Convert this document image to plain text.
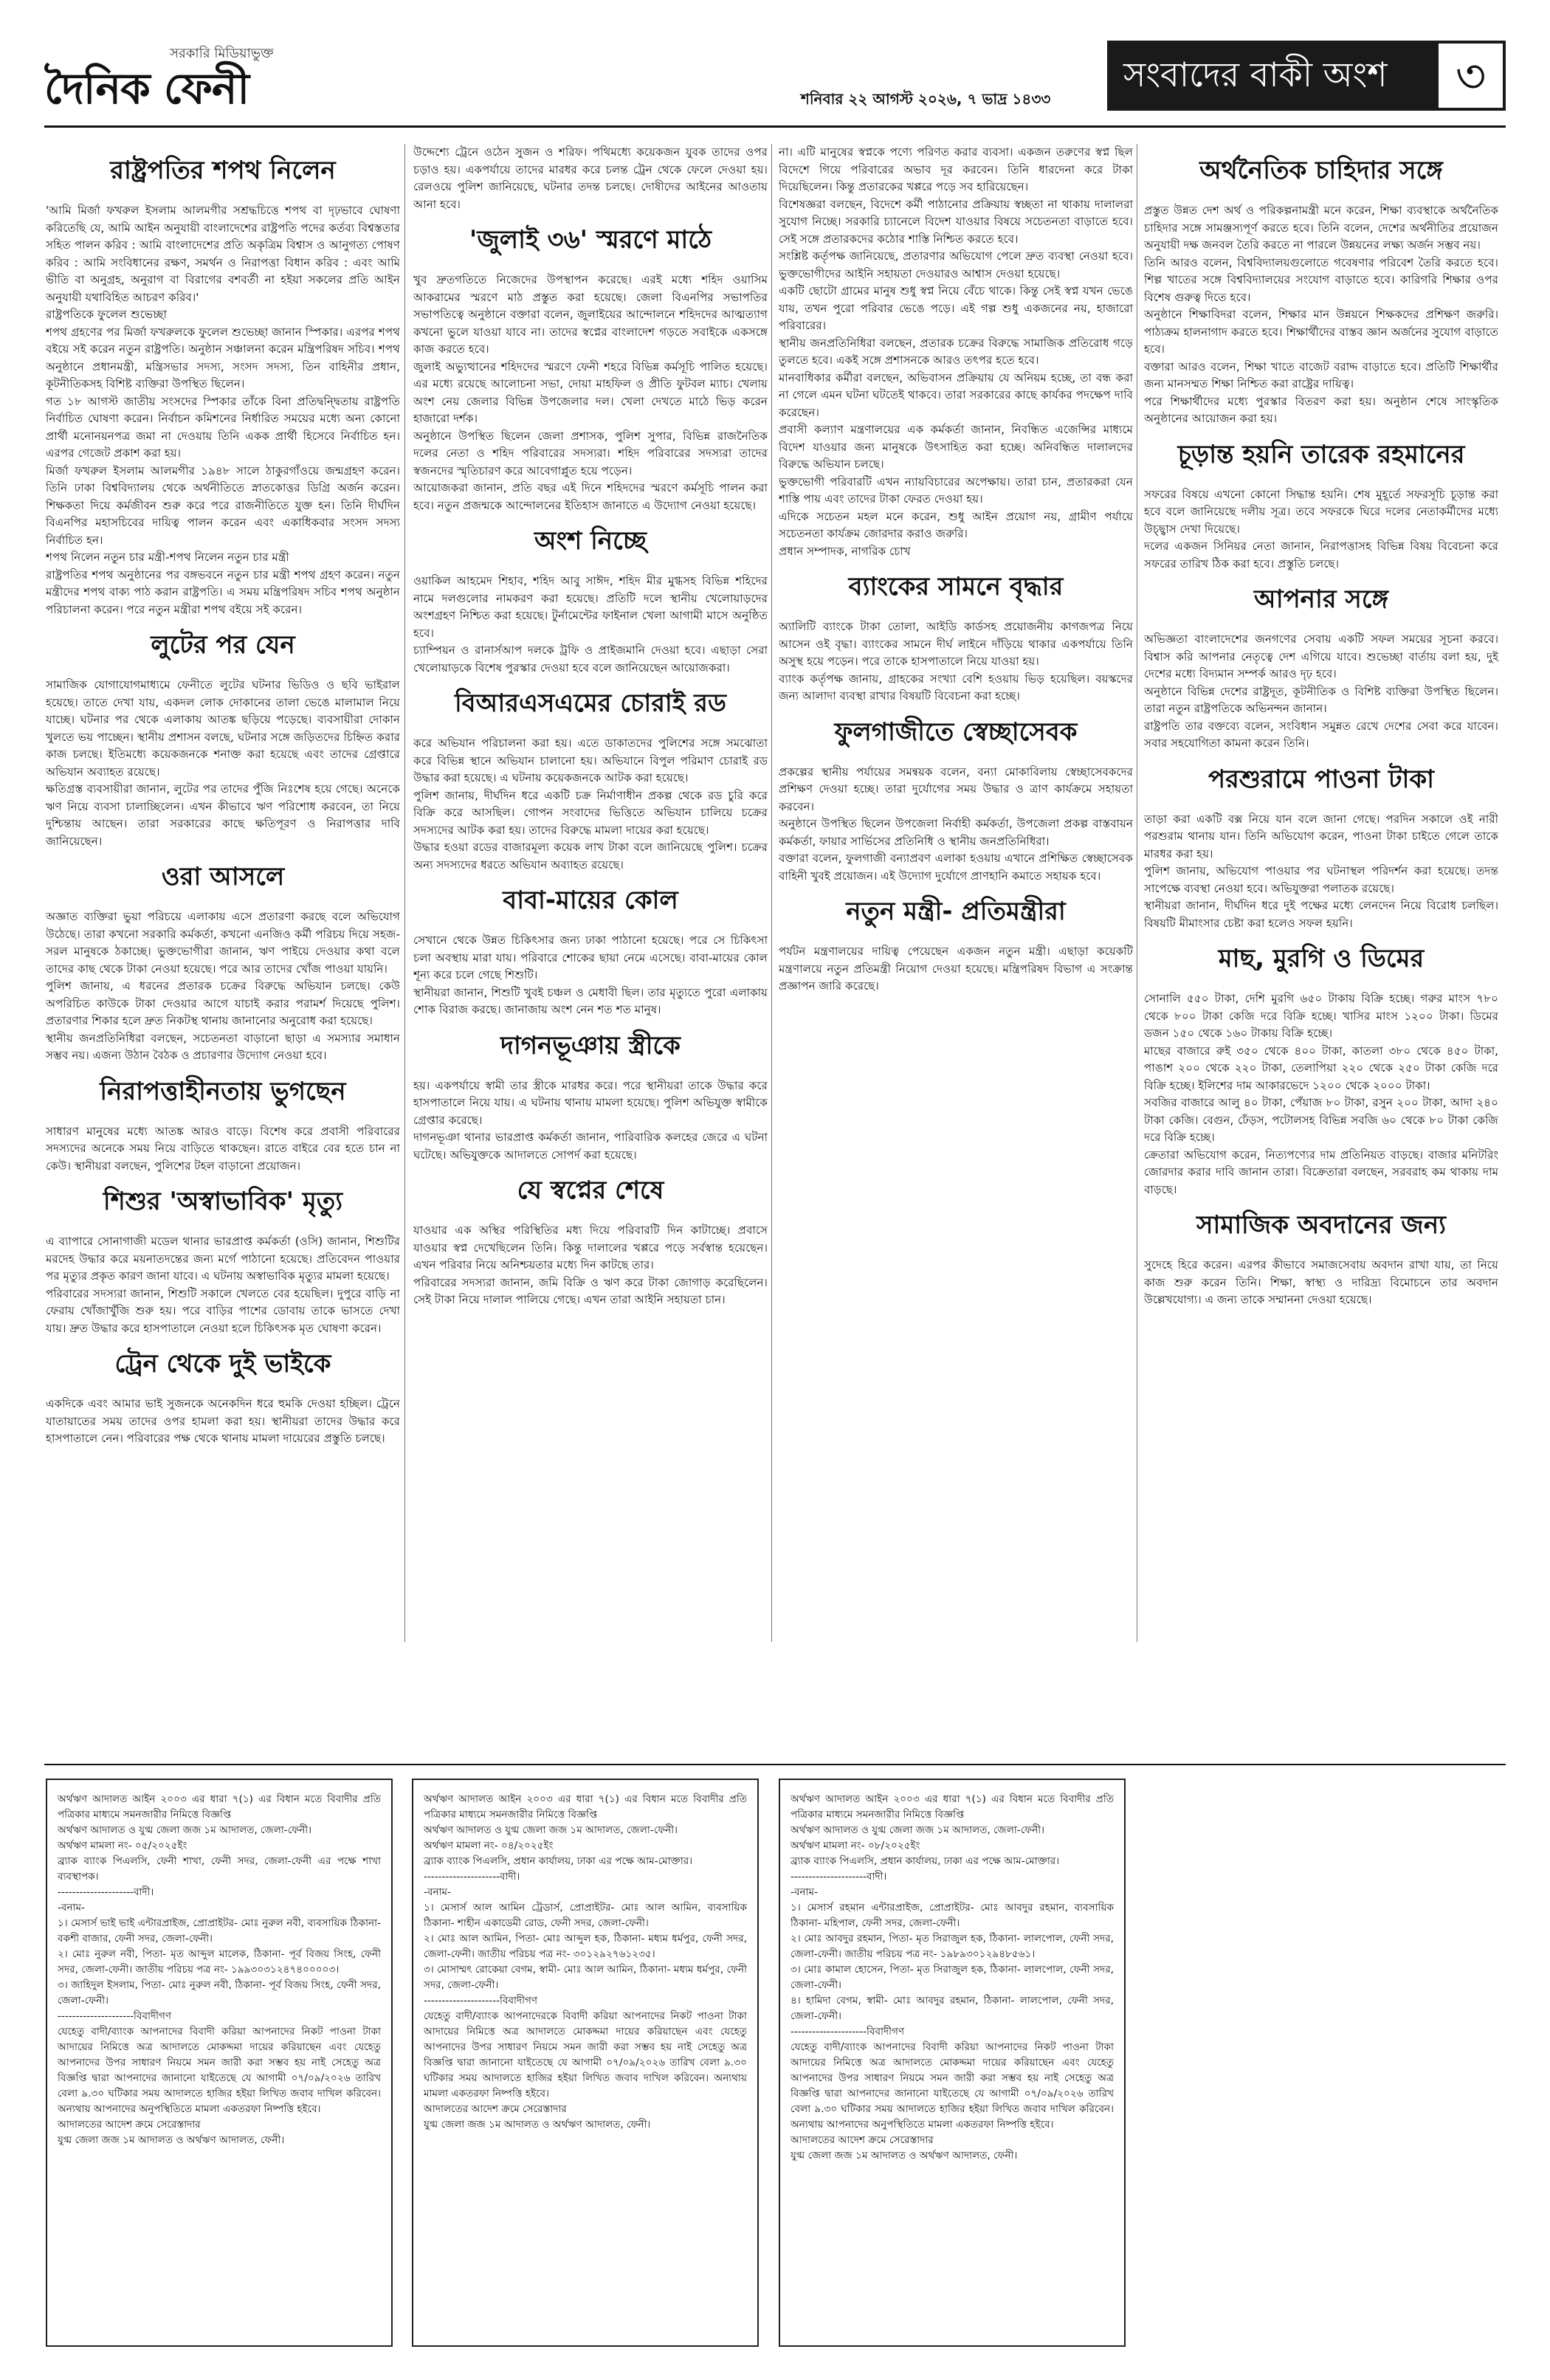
সরকারি মিডিয়াভুক্ত
দৈনিক ফেনী	শনিবার ২২ আগস্ট ২০২৬, ৭ ভাদ্র ১৪৩৩
সংবাদের বাকী অংশ	৩
রাষ্ট্রপতির শপথ নিলেন

'আমি মির্জা ফখরুল ইসলাম আলমগীর সশ্রদ্ধচিত্তে শপথ বা দৃঢ়ভাবে ঘোষণা করিতেছি যে, আমি আইন অনুযায়ী বাংলাদেশের রাষ্ট্রপতি পদের কর্তব্য বিশ্বস্ততার সহিত পালন করিব : আমি বাংলাদেশের প্রতি অকৃত্রিম বিশ্বাস ও আনুগত্য পোষণ করিব : আমি সংবিধানের রক্ষণ, সমর্থন ও নিরাপত্তা বিধান করিব : এবং আমি ভীতি বা অনুগ্রহ, অনুরাগ বা বিরাগের বশবর্তী না হইয়া সকলের প্রতি আইন অনুযায়ী যথাবিহিত আচরণ করিব।'
রাষ্ট্রপতিকে ফুলেল শুভেচ্ছা
শপথ গ্রহণের পর মির্জা ফখরুলকে ফুলেল শুভেচ্ছা জানান স্পিকার। এরপর শপথ বইয়ে সই করেন নতুন রাষ্ট্রপতি। অনুষ্ঠান সঞ্চালনা করেন মন্ত্রিপরিষদ সচিব। শপথ অনুষ্ঠানে প্রধানমন্ত্রী, মন্ত্রিসভার সদস্য, সংসদ সদস্য, তিন বাহিনীর প্রধান, কূটনীতিকসহ বিশিষ্ট ব্যক্তিরা উপস্থিত ছিলেন।
গত ১৮ আগস্ট জাতীয় সংসদের স্পিকার তাঁকে বিনা প্রতিদ্বন্দ্বিতায় রাষ্ট্রপতি নির্বাচিত ঘোষণা করেন। নির্বাচন কমিশনের নির্ধারিত সময়ের মধ্যে অন্য কোনো প্রার্থী মনোনয়নপত্র জমা না দেওয়ায় তিনি একক প্রার্থী হিসেবে নির্বাচিত হন। এরপর গেজেট প্রকাশ করা হয়।
মির্জা ফখরুল ইসলাম আলমগীর ১৯৪৮ সালে ঠাকুরগাঁওয়ে জন্মগ্রহণ করেন। তিনি ঢাকা বিশ্ববিদ্যালয় থেকে অর্থনীতিতে স্নাতকোত্তর ডিগ্রি অর্জন করেন। শিক্ষকতা দিয়ে কর্মজীবন শুরু করে পরে রাজনীতিতে যুক্ত হন। তিনি দীর্ঘদিন বিএনপির মহাসচিবের দায়িত্ব পালন করেন এবং একাধিকবার সংসদ সদস্য নির্বাচিত হন।
শপথ নিলেন নতুন চার মন্ত্রী-শপথ নিলেন নতুন চার মন্ত্রী
রাষ্ট্রপতির শপথ অনুষ্ঠানের পর বঙ্গভবনে নতুন চার মন্ত্রী শপথ গ্রহণ করেন। নতুন মন্ত্রীদের শপথ বাক্য পাঠ করান রাষ্ট্রপতি। এ সময় মন্ত্রিপরিষদ সচিব শপথ অনুষ্ঠান পরিচালনা করেন। পরে নতুন মন্ত্রীরা শপথ বইয়ে সই করেন।

লুটের পর যেন

সামাজিক যোগাযোগমাধ্যমে ফেনীতে লুটের ঘটনার ভিডিও ও ছবি ভাইরাল হয়েছে। তাতে দেখা যায়, একদল লোক দোকানের তালা ভেঙে মালামাল নিয়ে যাচ্ছে। ঘটনার পর থেকে এলাকায় আতঙ্ক ছড়িয়ে পড়েছে। ব্যবসায়ীরা দোকান খুলতে ভয় পাচ্ছেন। স্থানীয় প্রশাসন বলছে, ঘটনার সঙ্গে জড়িতদের চিহ্নিত করার কাজ চলছে। ইতিমধ্যে কয়েকজনকে শনাক্ত করা হয়েছে এবং তাদের গ্রেপ্তারে অভিযান অব্যাহত রয়েছে।
ক্ষতিগ্রস্ত ব্যবসায়ীরা জানান, লুটের পর তাদের পুঁজি নিঃশেষ হয়ে গেছে। অনেকে ঋণ নিয়ে ব্যবসা চালাচ্ছিলেন। এখন কীভাবে ঋণ পরিশোধ করবেন, তা নিয়ে দুশ্চিন্তায় আছেন। তারা সরকারের কাছে ক্ষতিপূরণ ও নিরাপত্তার দাবি জানিয়েছেন।

ওরা আসলে

অজ্ঞাত ব্যক্তিরা ভুয়া পরিচয়ে এলাকায় এসে প্রতারণা করছে বলে অভিযোগ উঠেছে। তারা কখনো সরকারি কর্মকর্তা, কখনো এনজিও কর্মী পরিচয় দিয়ে সহজ-সরল মানুষকে ঠকাচ্ছে। ভুক্তভোগীরা জানান, ঋণ পাইয়ে দেওয়ার কথা বলে তাদের কাছ থেকে টাকা নেওয়া হয়েছে। পরে আর তাদের খোঁজ পাওয়া যায়নি।
পুলিশ জানায়, এ ধরনের প্রতারক চক্রের বিরুদ্ধে অভিযান চলছে। কেউ অপরিচিত কাউকে টাকা দেওয়ার আগে যাচাই করার পরামর্শ দিয়েছে পুলিশ। প্রতারণার শিকার হলে দ্রুত নিকটস্থ থানায় জানানোর অনুরোধ করা হয়েছে।
স্থানীয় জনপ্রতিনিধিরা বলছেন, সচেতনতা বাড়ানো ছাড়া এ সমস্যার সমাধান সম্ভব নয়। এজন্য উঠান বৈঠক ও প্রচারণার উদ্যোগ নেওয়া হবে।

নিরাপত্তাহীনতায় ভুগছেন

সাধারণ মানুষের মধ্যে আতঙ্ক আরও বাড়ে। বিশেষ করে প্রবাসী পরিবারের সদস্যদের অনেকে সময় নিয়ে বাড়িতে থাকছেন। রাতে বাইরে বের হতে চান না কেউ। স্থানীয়রা বলছেন, পুলিশের টহল বাড়ানো প্রয়োজন।

শিশুর 'অস্বাভাবিক' মৃত্যু

এ ব্যাপারে সোনাগাজী মডেল থানার ভারপ্রাপ্ত কর্মকর্তা (ওসি) জানান, শিশুটির মরদেহ উদ্ধার করে ময়নাতদন্তের জন্য মর্গে পাঠানো হয়েছে। প্রতিবেদন পাওয়ার পর মৃত্যুর প্রকৃত কারণ জানা যাবে। এ ঘটনায় অস্বাভাবিক মৃত্যুর মামলা হয়েছে।
পরিবারের সদস্যরা জানান, শিশুটি সকালে খেলতে বের হয়েছিল। দুপুরে বাড়ি না ফেরায় খোঁজাখুঁজি শুরু হয়। পরে বাড়ির পাশের ডোবায় তাকে ভাসতে দেখা যায়। দ্রুত উদ্ধার করে হাসপাতালে নেওয়া হলে চিকিৎসক মৃত ঘোষণা করেন।

ট্রেন থেকে দুই ভাইকে

একদিকে এবং আমার ভাই সুজনকে অনেকদিন ধরে হুমকি দেওয়া হচ্ছিল। ট্রেনে যাতায়াতের সময় তাদের ওপর হামলা করা হয়। স্থানীয়রা তাদের উদ্ধার করে হাসপাতালে নেন। পরিবারের পক্ষ থেকে থানায় মামলা দায়েরের প্রস্তুতি চলছে।

উদ্দেশ্যে ট্রেনে ওঠেন সুজন ও শরিফ। পথিমধ্যে কয়েকজন যুবক তাদের ওপর চড়াও হয়। একপর্যায়ে তাদের মারধর করে চলন্ত ট্রেন থেকে ফেলে দেওয়া হয়। রেলওয়ে পুলিশ জানিয়েছে, ঘটনার তদন্ত চলছে। দোষীদের আইনের আওতায় আনা হবে।

'জুলাই ৩৬' স্মরণে মাঠে

খুব দ্রুতগতিতে নিজেদের উপস্থাপন করেছে। এরই মধ্যে শহিদ ওয়াসিম আকরামের স্মরণে মাঠ প্রস্তুত করা হয়েছে। জেলা বিএনপির সভাপতির সভাপতিত্বে অনুষ্ঠানে বক্তারা বলেন, জুলাইয়ের আন্দোলনে শহিদদের আত্মত্যাগ কখনো ভুলে যাওয়া যাবে না। তাদের স্বপ্নের বাংলাদেশ গড়তে সবাইকে একসঙ্গে কাজ করতে হবে।
জুলাই অভ্যুত্থানের শহিদদের স্মরণে ফেনী শহরে বিভিন্ন কর্মসূচি পালিত হয়েছে। এর মধ্যে রয়েছে আলোচনা সভা, দোয়া মাহফিল ও প্রীতি ফুটবল ম্যাচ। খেলায় অংশ নেয় জেলার বিভিন্ন উপজেলার দল। খেলা দেখতে মাঠে ভিড় করেন হাজারো দর্শক।
অনুষ্ঠানে উপস্থিত ছিলেন জেলা প্রশাসক, পুলিশ সুপার, বিভিন্ন রাজনৈতিক দলের নেতা ও শহিদ পরিবারের সদস্যরা। শহিদ পরিবারের সদস্যরা তাদের স্বজনদের স্মৃতিচারণ করে আবেগাপ্লুত হয়ে পড়েন।
আয়োজকরা জানান, প্রতি বছর এই দিনে শহিদদের স্মরণে কর্মসূচি পালন করা হবে। নতুন প্রজন্মকে আন্দোলনের ইতিহাস জানাতে এ উদ্যোগ নেওয়া হয়েছে।

অংশ নিচ্ছে

ওয়াকিল আহমেদ শিহাব, শহিদ আবু সাঈদ, শহিদ মীর মুগ্ধসহ বিভিন্ন শহিদের নামে দলগুলোর নামকরণ করা হয়েছে। প্রতিটি দলে স্থানীয় খেলোয়াড়দের অংশগ্রহণ নিশ্চিত করা হয়েছে। টুর্নামেন্টের ফাইনাল খেলা আগামী মাসে অনুষ্ঠিত হবে।
চ্যাম্পিয়ন ও রানার্সআপ দলকে ট্রফি ও প্রাইজমানি দেওয়া হবে। এছাড়া সেরা খেলোয়াড়কে বিশেষ পুরস্কার দেওয়া হবে বলে জানিয়েছেন আয়োজকরা।

বিআরএসএমের চোরাই রড

করে অভিযান পরিচালনা করা হয়। এতে ডাকাতদের পুলিশের সঙ্গে সমঝোতা করে বিভিন্ন স্থানে অভিযান চালানো হয়। অভিযানে বিপুল পরিমাণ চোরাই রড উদ্ধার করা হয়েছে। এ ঘটনায় কয়েকজনকে আটক করা হয়েছে।
পুলিশ জানায়, দীর্ঘদিন ধরে একটি চক্র নির্মাণাধীন প্রকল্প থেকে রড চুরি করে বিক্রি করে আসছিল। গোপন সংবাদের ভিত্তিতে অভিযান চালিয়ে চক্রের সদস্যদের আটক করা হয়। তাদের বিরুদ্ধে মামলা দায়ের করা হয়েছে।
উদ্ধার হওয়া রডের বাজারমূল্য কয়েক লাখ টাকা বলে জানিয়েছে পুলিশ। চক্রের অন্য সদস্যদের ধরতে অভিযান অব্যাহত রয়েছে।

বাবা-মায়ের কোল

সেখানে থেকে উন্নত চিকিৎসার জন্য ঢাকা পাঠানো হয়েছে। পরে সে চিকিৎসা চলা অবস্থায় মারা যায়। পরিবারে শোকের ছায়া নেমে এসেছে। বাবা-মায়ের কোল শূন্য করে চলে গেছে শিশুটি।
স্থানীয়রা জানান, শিশুটি খুবই চঞ্চল ও মেধাবী ছিল। তার মৃত্যুতে পুরো এলাকায় শোক বিরাজ করছে। জানাজায় অংশ নেন শত শত মানুষ।

দাগনভূঞায় স্ত্রীকে

হয়। একপর্যায়ে স্বামী তার স্ত্রীকে মারধর করে। পরে স্থানীয়রা তাকে উদ্ধার করে হাসপাতালে নিয়ে যায়। এ ঘটনায় থানায় মামলা হয়েছে। পুলিশ অভিযুক্ত স্বামীকে গ্রেপ্তার করেছে।
দাগনভূঞা থানার ভারপ্রাপ্ত কর্মকর্তা জানান, পারিবারিক কলহের জেরে এ ঘটনা ঘটেছে। অভিযুক্তকে আদালতে সোপর্দ করা হয়েছে।

যে স্বপ্নের শেষে

যাওয়ার এক অস্থির পরিস্থিতির মধ্য দিয়ে পরিবারটি দিন কাটাচ্ছে। প্রবাসে যাওয়ার স্বপ্ন দেখেছিলেন তিনি। কিন্তু দালালের খপ্পরে পড়ে সর্বস্বান্ত হয়েছেন। এখন পরিবার নিয়ে অনিশ্চয়তার মধ্যে দিন কাটছে তার।
পরিবারের সদস্যরা জানান, জমি বিক্রি ও ঋণ করে টাকা জোগাড় করেছিলেন। সেই টাকা নিয়ে দালাল পালিয়ে গেছে। এখন তারা আইনি সহায়তা চান।

না। এটি মানুষের স্বপ্নকে পণ্যে পরিণত করার ব্যবসা। একজন তরুণের স্বপ্ন ছিল বিদেশে গিয়ে পরিবারের অভাব দূর করবেন। তিনি ধারদেনা করে টাকা দিয়েছিলেন। কিন্তু প্রতারকের খপ্পরে পড়ে সব হারিয়েছেন।
বিশেষজ্ঞরা বলছেন, বিদেশে কর্মী পাঠানোর প্রক্রিয়ায় স্বচ্ছতা না থাকায় দালালরা সুযোগ নিচ্ছে। সরকারি চ্যানেলে বিদেশ যাওয়ার বিষয়ে সচেতনতা বাড়াতে হবে। সেই সঙ্গে প্রতারকদের কঠোর শাস্তি নিশ্চিত করতে হবে।
সংশ্লিষ্ট কর্তৃপক্ষ জানিয়েছে, প্রতারণার অভিযোগ পেলে দ্রুত ব্যবস্থা নেওয়া হবে। ভুক্তভোগীদের আইনি সহায়তা দেওয়ারও আশ্বাস দেওয়া হয়েছে।
একটি ছোটো গ্রামের মানুষ শুধু স্বপ্ন নিয়ে বেঁচে থাকে। কিন্তু সেই স্বপ্ন যখন ভেঙে যায়, তখন পুরো পরিবার ভেঙে পড়ে। এই গল্প শুধু একজনের নয়, হাজারো পরিবারের।
স্থানীয় জনপ্রতিনিধিরা বলছেন, প্রতারক চক্রের বিরুদ্ধে সামাজিক প্রতিরোধ গড়ে তুলতে হবে। একই সঙ্গে প্রশাসনকে আরও তৎপর হতে হবে।
মানবাধিকার কর্মীরা বলছেন, অভিবাসন প্রক্রিয়ায় যে অনিয়ম হচ্ছে, তা বন্ধ করা না গেলে এমন ঘটনা ঘটতেই থাকবে। তারা সরকারের কাছে কার্যকর পদক্ষেপ দাবি করেছেন।
প্রবাসী কল্যাণ মন্ত্রণালয়ের এক কর্মকর্তা জানান, নিবন্ধিত এজেন্সির মাধ্যমে বিদেশ যাওয়ার জন্য মানুষকে উৎসাহিত করা হচ্ছে। অনিবন্ধিত দালালদের বিরুদ্ধে অভিযান চলছে।
ভুক্তভোগী পরিবারটি এখন ন্যায়বিচারের অপেক্ষায়। তারা চান, প্রতারকরা যেন শাস্তি পায় এবং তাদের টাকা ফেরত দেওয়া হয়।
এদিকে সচেতন মহল মনে করেন, শুধু আইন প্রয়োগ নয়, গ্রামীণ পর্যায়ে সচেতনতা কার্যক্রম জোরদার করাও জরুরি।
প্রধান সম্পাদক, নাগরিক চোখ

ব্যাংকের সামনে বৃদ্ধার

অ্যালিটি ব্যাংকে টাকা তোলা, আইডি কার্ডসহ প্রয়োজনীয় কাগজপত্র নিয়ে আসেন ওই বৃদ্ধা। ব্যাংকের সামনে দীর্ঘ লাইনে দাঁড়িয়ে থাকার একপর্যায়ে তিনি অসুস্থ হয়ে পড়েন। পরে তাকে হাসপাতালে নিয়ে যাওয়া হয়।
ব্যাংক কর্তৃপক্ষ জানায়, গ্রাহকের সংখ্যা বেশি হওয়ায় ভিড় হয়েছিল। বয়স্কদের জন্য আলাদা ব্যবস্থা রাখার বিষয়টি বিবেচনা করা হচ্ছে।

ফুলগাজীতে স্বেচ্ছাসেবক

প্রকল্পের স্থানীয় পর্যায়ের সমন্বয়ক বলেন, বন্যা মোকাবিলায় স্বেচ্ছাসেবকদের প্রশিক্ষণ দেওয়া হচ্ছে। তারা দুর্যোগের সময় উদ্ধার ও ত্রাণ কার্যক্রমে সহায়তা করবেন।
অনুষ্ঠানে উপস্থিত ছিলেন উপজেলা নির্বাহী কর্মকর্তা, উপজেলা প্রকল্প বাস্তবায়ন কর্মকর্তা, ফায়ার সার্ভিসের প্রতিনিধি ও স্থানীয় জনপ্রতিনিধিরা।
বক্তারা বলেন, ফুলগাজী বন্যাপ্রবণ এলাকা হওয়ায় এখানে প্রশিক্ষিত স্বেচ্ছাসেবক বাহিনী খুবই প্রয়োজন। এই উদ্যোগ দুর্যোগে প্রাণহানি কমাতে সহায়ক হবে।

নতুন মন্ত্রী- প্রতিমন্ত্রীরা

পর্যটন মন্ত্রণালয়ের দায়িত্ব পেয়েছেন একজন নতুন মন্ত্রী। এছাড়া কয়েকটি মন্ত্রণালয়ে নতুন প্রতিমন্ত্রী নিয়োগ দেওয়া হয়েছে। মন্ত্রিপরিষদ বিভাগ এ সংক্রান্ত প্রজ্ঞাপন জারি করেছে।

অর্থনৈতিক চাহিদার সঙ্গে

প্রস্তুত উন্নত দেশ অর্থ ও পরিকল্পনামন্ত্রী মনে করেন, শিক্ষা ব্যবস্থাকে অর্থনৈতিক চাহিদার সঙ্গে সামঞ্জস্যপূর্ণ করতে হবে। তিনি বলেন, দেশের অর্থনীতির প্রয়োজন অনুযায়ী দক্ষ জনবল তৈরি করতে না পারলে উন্নয়নের লক্ষ্য অর্জন সম্ভব নয়।
তিনি আরও বলেন, বিশ্ববিদ্যালয়গুলোতে গবেষণার পরিবেশ তৈরি করতে হবে। শিল্প খাতের সঙ্গে বিশ্ববিদ্যালয়ের সংযোগ বাড়াতে হবে। কারিগরি শিক্ষার ওপর বিশেষ গুরুত্ব দিতে হবে।
অনুষ্ঠানে শিক্ষাবিদরা বলেন, শিক্ষার মান উন্নয়নে শিক্ষকদের প্রশিক্ষণ জরুরি। পাঠ্যক্রম হালনাগাদ করতে হবে। শিক্ষার্থীদের বাস্তব জ্ঞান অর্জনের সুযোগ বাড়াতে হবে।
বক্তারা আরও বলেন, শিক্ষা খাতে বাজেট বরাদ্দ বাড়াতে হবে। প্রতিটি শিক্ষার্থীর জন্য মানসম্মত শিক্ষা নিশ্চিত করা রাষ্ট্রের দায়িত্ব।
পরে শিক্ষার্থীদের মধ্যে পুরস্কার বিতরণ করা হয়। অনুষ্ঠান শেষে সাংস্কৃতিক অনুষ্ঠানের আয়োজন করা হয়।

চূড়ান্ত হয়নি তারেক রহমানের

সফরের বিষয়ে এখনো কোনো সিদ্ধান্ত হয়নি। শেষ মুহূর্তে সফরসূচি চূড়ান্ত করা হবে বলে জানিয়েছে দলীয় সূত্র। তবে সফরকে ঘিরে দলের নেতাকর্মীদের মধ্যে উচ্ছ্বাস দেখা দিয়েছে।
দলের একজন সিনিয়র নেতা জানান, নিরাপত্তাসহ বিভিন্ন বিষয় বিবেচনা করে সফরের তারিখ ঠিক করা হবে। প্রস্তুতি চলছে।

আপনার সঙ্গে

অভিজ্ঞতা বাংলাদেশের জনগণের সেবায় একটি সফল সময়ের সূচনা করবে। বিশ্বাস করি আপনার নেতৃত্বে দেশ এগিয়ে যাবে। শুভেচ্ছা বার্তায় বলা হয়, দুই দেশের মধ্যে বিদ্যমান সম্পর্ক আরও দৃঢ় হবে।
অনুষ্ঠানে বিভিন্ন দেশের রাষ্ট্রদূত, কূটনীতিক ও বিশিষ্ট ব্যক্তিরা উপস্থিত ছিলেন। তারা নতুন রাষ্ট্রপতিকে অভিনন্দন জানান।
রাষ্ট্রপতি তার বক্তব্যে বলেন, সংবিধান সমুন্নত রেখে দেশের সেবা করে যাবেন। সবার সহযোগিতা কামনা করেন তিনি।

পরশুরামে পাওনা টাকা

তাড়া করা একটি বক্স নিয়ে যান বলে জানা গেছে। পরদিন সকালে ওই নারী পরশুরাম থানায় যান। তিনি অভিযোগ করেন, পাওনা টাকা চাইতে গেলে তাকে মারধর করা হয়।
পুলিশ জানায়, অভিযোগ পাওয়ার পর ঘটনাস্থল পরিদর্শন করা হয়েছে। তদন্ত সাপেক্ষে ব্যবস্থা নেওয়া হবে। অভিযুক্তরা পলাতক রয়েছে।
স্থানীয়রা জানান, দীর্ঘদিন ধরে দুই পক্ষের মধ্যে লেনদেন নিয়ে বিরোধ চলছিল। বিষয়টি মীমাংসার চেষ্টা করা হলেও সফল হয়নি।

মাছ, মুরগি ও ডিমের

সোনালি ৫৫০ টাকা, দেশি মুরগি ৬৫০ টাকায় বিক্রি হচ্ছে। গরুর মাংস ৭৮০ থেকে ৮০০ টাকা কেজি দরে বিক্রি হচ্ছে। খাসির মাংস ১২০০ টাকা। ডিমের ডজন ১৫০ থেকে ১৬০ টাকায় বিক্রি হচ্ছে।
মাছের বাজারে রুই ৩৫০ থেকে ৪০০ টাকা, কাতলা ৩৮০ থেকে ৪৫০ টাকা, পাঙাশ ২০০ থেকে ২২০ টাকা, তেলাপিয়া ২২০ থেকে ২৫০ টাকা কেজি দরে বিক্রি হচ্ছে। ইলিশের দাম আকারভেদে ১২০০ থেকে ২০০০ টাকা।
সবজির বাজারে আলু ৪০ টাকা, পেঁয়াজ ৮০ টাকা, রসুন ২০০ টাকা, আদা ২৪০ টাকা কেজি। বেগুন, ঢেঁড়স, পটোলসহ বিভিন্ন সবজি ৬০ থেকে ৮০ টাকা কেজি দরে বিক্রি হচ্ছে।
ক্রেতারা অভিযোগ করেন, নিত্যপণ্যের দাম প্রতিনিয়ত বাড়ছে। বাজার মনিটরিং জোরদার করার দাবি জানান তারা। বিক্রেতারা বলছেন, সরবরাহ কম থাকায় দাম বাড়ছে।

সামাজিক অবদানের জন্য

সুদেহে হিরে করেন। এরপর কীভাবে সমাজসেবায় অবদান রাখা যায়, তা নিয়ে কাজ শুরু করেন তিনি। শিক্ষা, স্বাস্থ্য ও দারিদ্র্য বিমোচনে তার অবদান উল্লেখযোগ্য। এ জন্য তাকে সম্মাননা দেওয়া হয়েছে।

অর্থঋণ আদালত আইন ২০০৩ এর ধারা ৭(১) এর বিধান মতে বিবাদীর প্রতি পত্রিকার মাধ্যমে সমনজারীর নিমিত্তে বিজ্ঞপ্তি
অর্থঋণ আদালত ও যুগ্ম জেলা জজ ১ম আদালত, জেলা-ফেনী।
অর্থঋণ মামলা নং- ০৫/২০২৫ইং
ব্র্যাক ব্যাংক পিএলসি, ফেনী শাখা, ফেনী সদর, জেলা-ফেনী এর পক্ষে শাখা ব্যবস্থাপক।
---------------------বাদী।
-বনাম-
১। মেসার্স ভাই ভাই এন্টারপ্রাইজ, প্রোপ্রাইটর- মোঃ নুরুল নবী, ব্যবসায়িক ঠিকানা- বকশী বাজার, ফেনী সদর, জেলা-ফেনী।
২। মোঃ নুরুল নবী, পিতা- মৃত আব্দুল মালেক, ঠিকানা- পূর্ব বিজয় সিংহ, ফেনী সদর, জেলা-ফেনী। জাতীয় পরিচয় পত্র নং- ১৯৯৩০৩১২৪৭৪০০০০৩।
৩। জাহিদুল ইসলাম, পিতা- মোঃ নুরুল নবী, ঠিকানা- পূর্ব বিজয় সিংহ, ফেনী সদর, জেলা-ফেনী।
---------------------বিবাদীগণ
যেহেতু বাদী/ব্যাংক আপনাদের বিবাদী করিয়া আপনাদের নিকট পাওনা টাকা আদায়ের নিমিত্তে অত্র আদালতে মোকদ্দমা দায়ের করিয়াছেন এবং যেহেতু আপনাদের উপর সাধারণ নিয়মে সমন জারী করা সম্ভব হয় নাই সেহেতু অত্র বিজ্ঞপ্তি দ্বারা আপনাদের জানানো যাইতেছে যে আগামী ০৭/০৯/২০২৬ তারিখ বেলা ৯.৩০ ঘটিকার সময় আদালতে হাজির হইয়া লিখিত জবাব দাখিল করিবেন। অন্যথায় আপনাদের অনুপস্থিতিতে মামলা একতরফা নিষ্পত্তি হইবে।
আদালতের আদেশ ক্রমে সেরেস্তাদার
যুগ্ম জেলা জজ ১ম আদালত ও অর্থঋণ আদালত, ফেনী।

অর্থঋণ আদালত আইন ২০০৩ এর ধারা ৭(১) এর বিধান মতে বিবাদীর প্রতি পত্রিকার মাধ্যমে সমনজারীর নিমিত্তে বিজ্ঞপ্তি
অর্থঋণ আদালত ও যুগ্ম জেলা জজ ১ম আদালত, জেলা-ফেনী।
অর্থঋণ মামলা নং- ০৪/২০২৫ইং
ব্র্যাক ব্যাংক পিএলসি, প্রধান কার্যালয়, ঢাকা এর পক্ষে আম-মোক্তার।
---------------------বাদী।
-বনাম-
১। মেসার্স আল আমিন ট্রেডার্স, প্রোপ্রাইটর- মোঃ আল আমিন, ব্যবসায়িক ঠিকানা- শাহীন একাডেমী রোড, ফেনী সদর, জেলা-ফেনী।
২। মোঃ আল আমিন, পিতা- মোঃ আব্দুল হক, ঠিকানা- মধ্যম ধর্মপুর, ফেনী সদর, জেলা-ফেনী। জাতীয় পরিচয় পত্র নং- ৩০১২৯২৭৬১২৩৫।
৩। মোসাম্মৎ রোকেয়া বেগম, স্বামী- মোঃ আল আমিন, ঠিকানা- মধ্যম ধর্মপুর, ফেনী সদর, জেলা-ফেনী।
---------------------বিবাদীগণ
যেহেতু বাদী/ব্যাংক আপনাদেরকে বিবাদী করিয়া আপনাদের নিকট পাওনা টাকা আদায়ের নিমিত্তে অত্র আদালতে মোকদ্দমা দায়ের করিয়াছেন এবং যেহেতু আপনাদের উপর সাধারণ নিয়মে সমন জারী করা সম্ভব হয় নাই সেহেতু অত্র বিজ্ঞপ্তি দ্বারা জানানো যাইতেছে যে আগামী ০৭/০৯/২০২৬ তারিখ বেলা ৯.৩০ ঘটিকার সময় আদালতে হাজির হইয়া লিখিত জবাব দাখিল করিবেন। অন্যথায় মামলা একতরফা নিষ্পত্তি হইবে।
আদালতের আদেশ ক্রমে সেরেস্তাদার
যুগ্ম জেলা জজ ১ম আদালত ও অর্থঋণ আদালত, ফেনী।

অর্থঋণ আদালত আইন ২০০৩ এর ধারা ৭(১) এর বিধান মতে বিবাদীর প্রতি পত্রিকার মাধ্যমে সমনজারীর নিমিত্তে বিজ্ঞপ্তি
অর্থঋণ আদালত ও যুগ্ম জেলা জজ ১ম আদালত, জেলা-ফেনী।
অর্থঋণ মামলা নং- ০৮/২০২৫ইং
ব্র্যাক ব্যাংক পিএলসি, প্রধান কার্যালয়, ঢাকা এর পক্ষে আম-মোক্তার।
---------------------বাদী।
-বনাম-
১। মেসার্স রহমান এন্টারপ্রাইজ, প্রোপ্রাইটর- মোঃ আবদুর রহমান, ব্যবসায়িক ঠিকানা- মহিপাল, ফেনী সদর, জেলা-ফেনী।
২। মোঃ আবদুর রহমান, পিতা- মৃত সিরাজুল হক, ঠিকানা- লালপোল, ফেনী সদর, জেলা-ফেনী। জাতীয় পরিচয় পত্র নং- ১৯৮৯৩০১২৯৪৮৫৬১।
৩। মোঃ কামাল হোসেন, পিতা- মৃত সিরাজুল হক, ঠিকানা- লালপোল, ফেনী সদর, জেলা-ফেনী।
৪। হামিদা বেগম, স্বামী- মোঃ আবদুর রহমান, ঠিকানা- লালপোল, ফেনী সদর, জেলা-ফেনী।
---------------------বিবাদীগণ
যেহেতু বাদী/ব্যাংক আপনাদের বিবাদী করিয়া আপনাদের নিকট পাওনা টাকা আদায়ের নিমিত্তে অত্র আদালতে মোকদ্দমা দায়ের করিয়াছেন এবং যেহেতু আপনাদের উপর সাধারণ নিয়মে সমন জারী করা সম্ভব হয় নাই সেহেতু অত্র বিজ্ঞপ্তি দ্বারা আপনাদের জানানো যাইতেছে যে আগামী ০৭/০৯/২০২৬ তারিখ বেলা ৯.৩০ ঘটিকার সময় আদালতে হাজির হইয়া লিখিত জবাব দাখিল করিবেন। অন্যথায় আপনাদের অনুপস্থিতিতে মামলা একতরফা নিষ্পত্তি হইবে।
আদালতের আদেশ ক্রমে সেরেস্তাদার
যুগ্ম জেলা জজ ১ম আদালত ও অর্থঋণ আদালত, ফেনী।
